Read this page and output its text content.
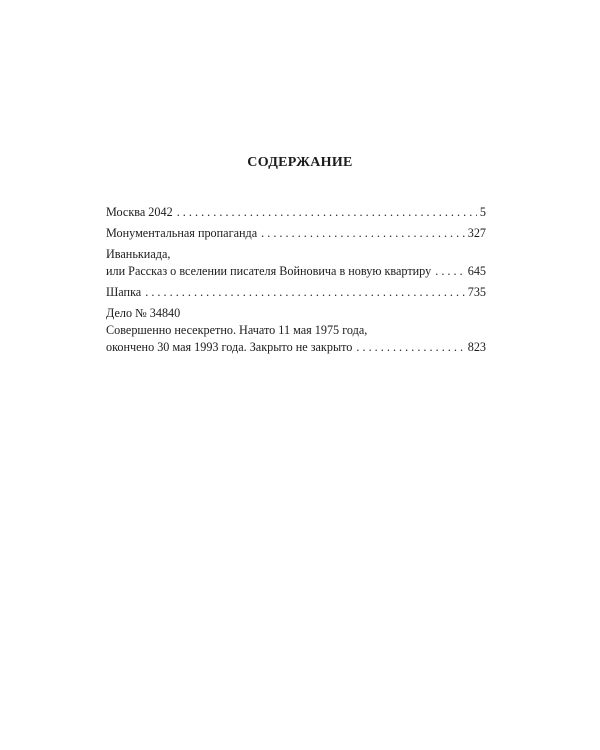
СОДЕРЖАНИЕ
Москва 2042 . . .	5
Монументальная пропаганда . . .	327
Иванькиада,
или Рассказ о вселении писателя Войновича в новую квартиру . . .	645
Шапка . . .	735
Дело № 34840
Совершенно несекретно. Начато 11 мая 1975 года,
окончено 30 мая 1993 года. Закрыто не закрыто . . .	823
